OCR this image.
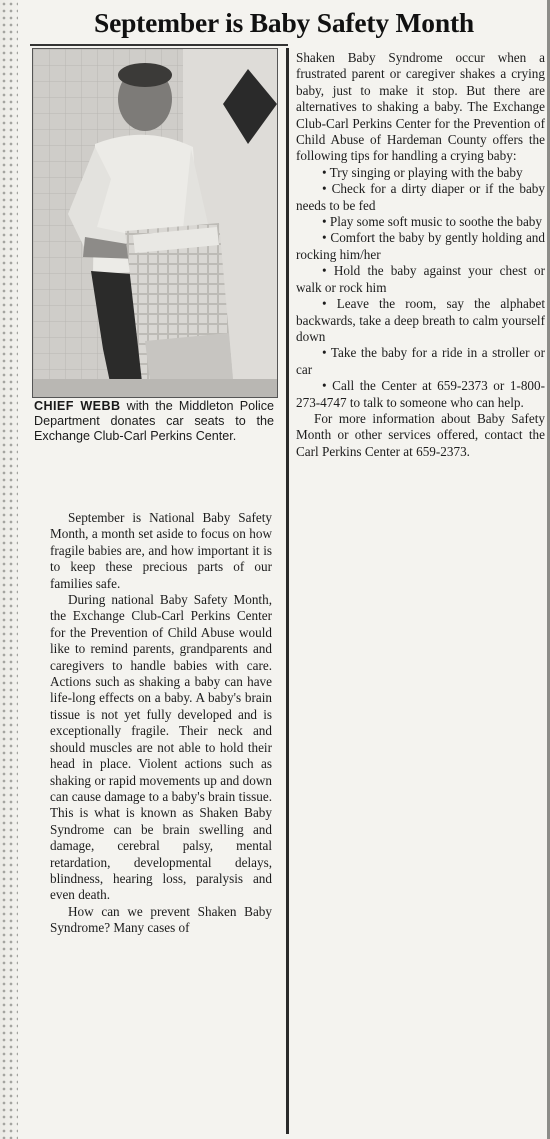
September is Baby Safety Month

CHIEF WEBB with the Middleton Police Department donates car seats to the Exchange Club-Carl Perkins Center.

September is National Baby Safety Month, a month set aside to focus on how fragile babies are, and how important it is to keep these precious parts of our families safe.

During national Baby Safety Month, the Exchange Club-Carl Perkins Center for the Prevention of Child Abuse would like to remind parents, grandparents and caregivers to handle babies with care. Actions such as shaking a baby can have life-long effects on a baby. A baby's brain tissue is not yet fully developed and is exceptionally fragile. Their neck and should muscles are not able to hold their head in place. Violent actions such as shaking or rapid movements up and down can cause damage to a baby's brain tissue. This is what is known as Shaken Baby Syndrome can be brain swelling and damage, cerebral palsy, mental retardation, developmental delays, blindness, hearing loss, paralysis and even death.

How can we prevent Shaken Baby Syndrome? Many cases of

Shaken Baby Syndrome occur when a frustrated parent or caregiver shakes a crying baby, just to make it stop. But there are alternatives to shaking a baby. The Exchange Club-Carl Perkins Center for the Prevention of Child Abuse of Hardeman County offers the following tips for handling a crying baby:

• Try singing or playing with the baby

• Check for a dirty diaper or if the baby needs to be fed

• Play some soft music to soothe the baby

• Comfort the baby by gently holding and rocking him/her

• Hold the baby against your chest or walk or rock him

• Leave the room, say the alphabet backwards, take a deep breath to calm yourself down

• Take the baby for a ride in a stroller or car

• Call the Center at 659-2373 or 1-800-273-4747 to talk to someone who can help.

For more information about Baby Safety Month or other services offered, contact the Carl Perkins Center at 659-2373.
